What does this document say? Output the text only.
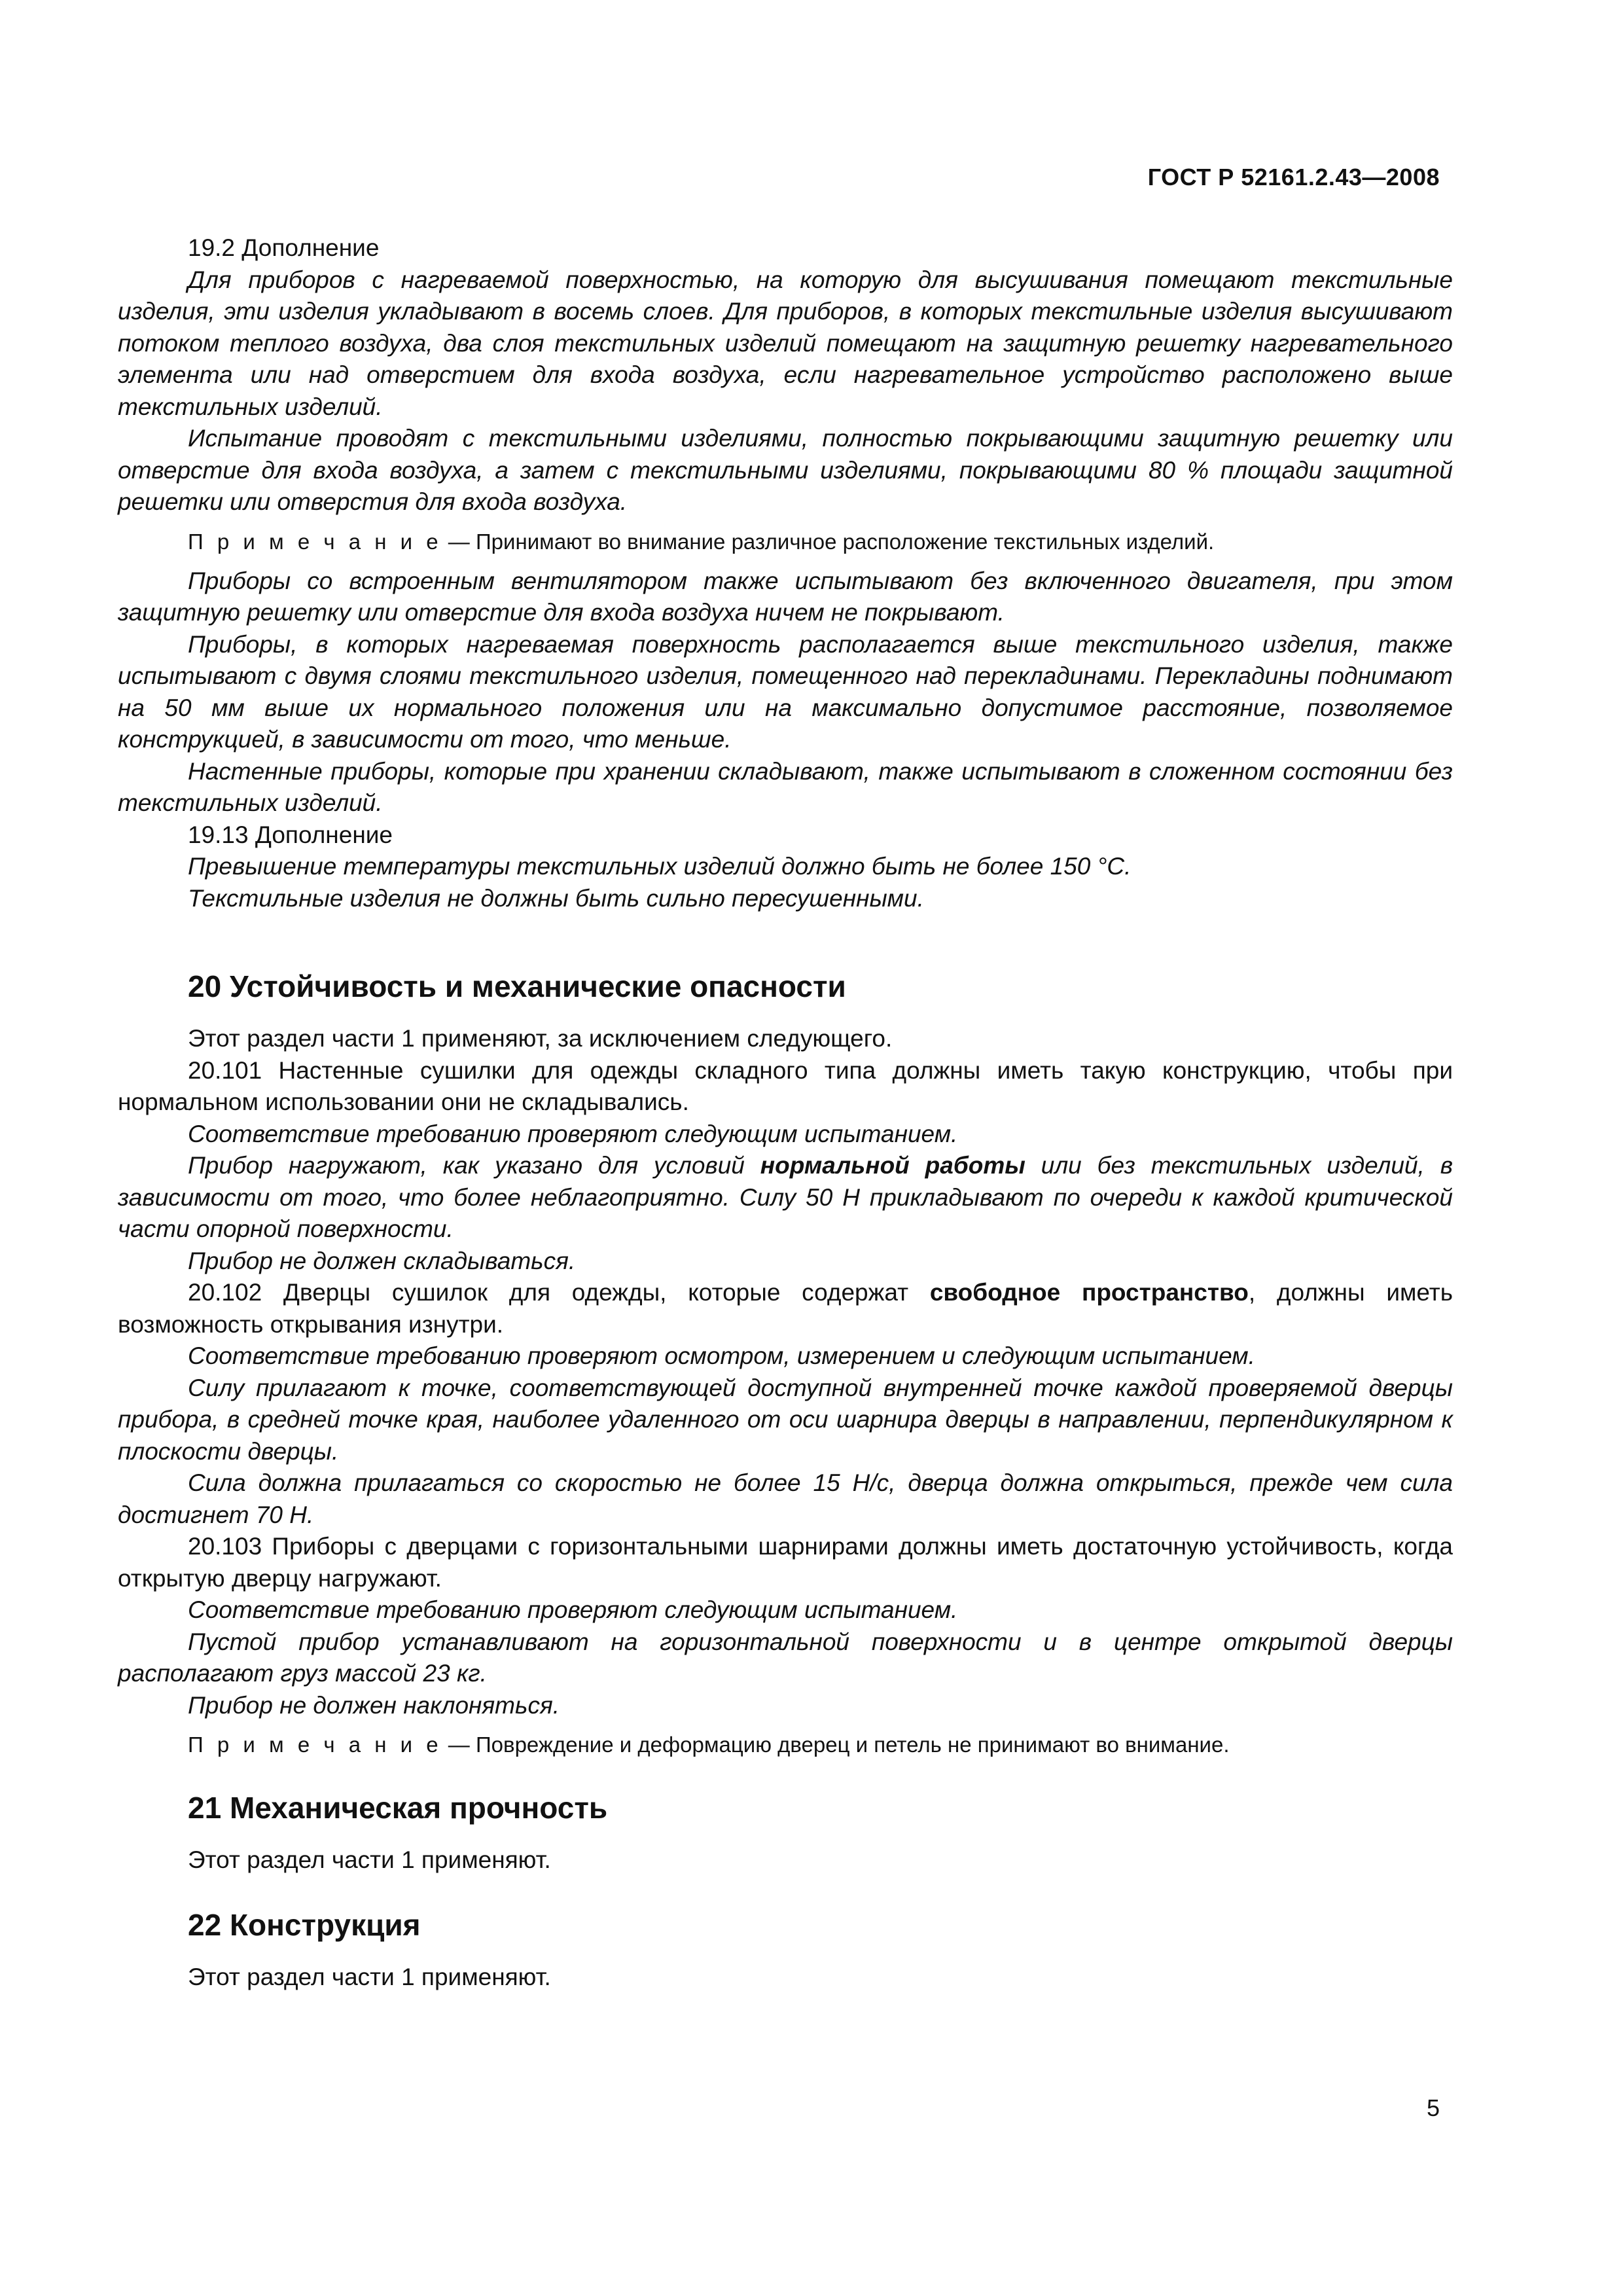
ГОСТ Р 52161.2.43—2008

19.2 Дополнение

Для приборов с нагреваемой поверхностью, на которую для высушивания помещают текстильные изделия, эти изделия укладывают в восемь слоев. Для приборов, в которых текстильные изделия высушивают потоком теплого воздуха, два слоя текстильных изделий помещают на защитную решетку нагревательного элемента или над отверстием для входа воздуха, если нагревательное устройство расположено выше текстильных изделий.

Испытание проводят с текстильными изделиями, полностью покрывающими защитную решетку или отверстие для входа воздуха, а затем с текстильными изделиями, покрывающими 80 % площади защитной решетки или отверстия для входа воздуха.

П р и м е ч а н и е — Принимают во внимание различное расположение текстильных изделий.

Приборы со встроенным вентилятором также испытывают без включенного двигателя, при этом защитную решетку или отверстие для входа воздуха ничем не покрывают.

Приборы, в которых нагреваемая поверхность располагается выше текстильного изделия, также испытывают с двумя слоями текстильного изделия, помещенного над перекладинами. Перекладины поднимают на 50 мм выше их нормального положения или на максимально допустимое расстояние, позволяемое конструкцией, в зависимости от того, что меньше.

Настенные приборы, которые при хранении складывают, также испытывают в сложенном состоянии без текстильных изделий.

19.13 Дополнение

Превышение температуры текстильных изделий должно быть не более 150 °С.

Текстильные изделия не должны быть сильно пересушенными.

20 Устойчивость и механические опасности

Этот раздел части 1 применяют, за исключением следующего.

20.101 Настенные сушилки для одежды складного типа должны иметь такую конструкцию, чтобы при нормальном использовании они не складывались.

Соответствие требованию проверяют следующим испытанием.

Прибор нагружают, как указано для условий нормальной работы или без текстильных изделий, в зависимости от того, что более неблагоприятно. Силу 50 Н прикладывают по очереди к каждой критической части опорной поверхности.

Прибор не должен складываться.

20.102 Дверцы сушилок для одежды, которые содержат свободное пространство, должны иметь возможность открывания изнутри.

Соответствие требованию проверяют осмотром, измерением и следующим испытанием.

Силу прилагают к точке, соответствующей доступной внутренней точке каждой проверяемой дверцы прибора, в средней точке края, наиболее удаленного от оси шарнира дверцы в направлении, перпендикулярном к плоскости дверцы.

Сила должна прилагаться со скоростью не более 15 Н/с, дверца должна открыться, прежде чем сила достигнет 70 Н.

20.103 Приборы с дверцами с горизонтальными шарнирами должны иметь достаточную устойчивость, когда открытую дверцу нагружают.

Соответствие требованию проверяют следующим испытанием.

Пустой прибор устанавливают на горизонтальной поверхности и в центре открытой дверцы располагают груз массой 23 кг.

Прибор не должен наклоняться.

П р и м е ч а н и е — Повреждение и деформацию дверец и петель не принимают во внимание.

21 Механическая прочность

Этот раздел части 1 применяют.

22 Конструкция

Этот раздел части 1 применяют.

5
